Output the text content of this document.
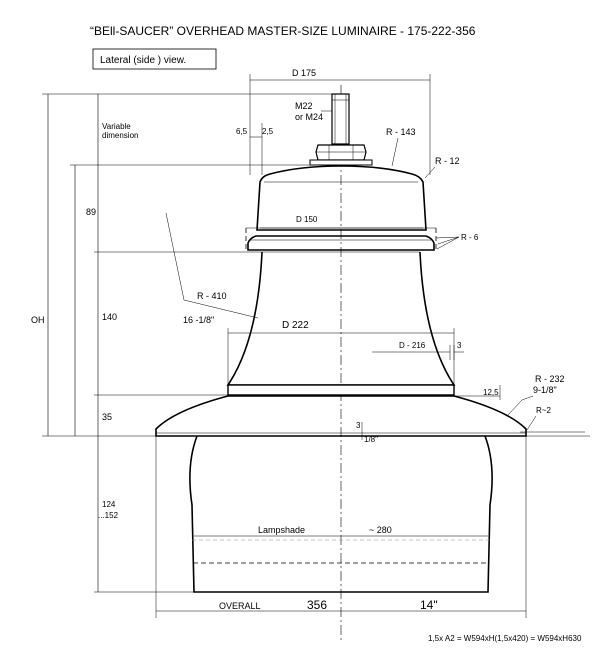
“BEll-SAUCER” OVERHEAD MASTER-SIZE LUMINAIRE - 175-222-356
Lateral (side ) view.
Variable
dimension
89
OH	140
35
124
...152
D 175
M22
or M24
6,5 2,5	R - 143
R - 12
D 150
R - 6
R - 410
16 -1/8"	D 222
D - 216	3
12,5
R - 232
9-1/8"
R~2
3
1/8"
Lampshade	~ 280
OVERALL	356	14"
1,5x A2 = W594xH(1,5x420) = W594xH630
